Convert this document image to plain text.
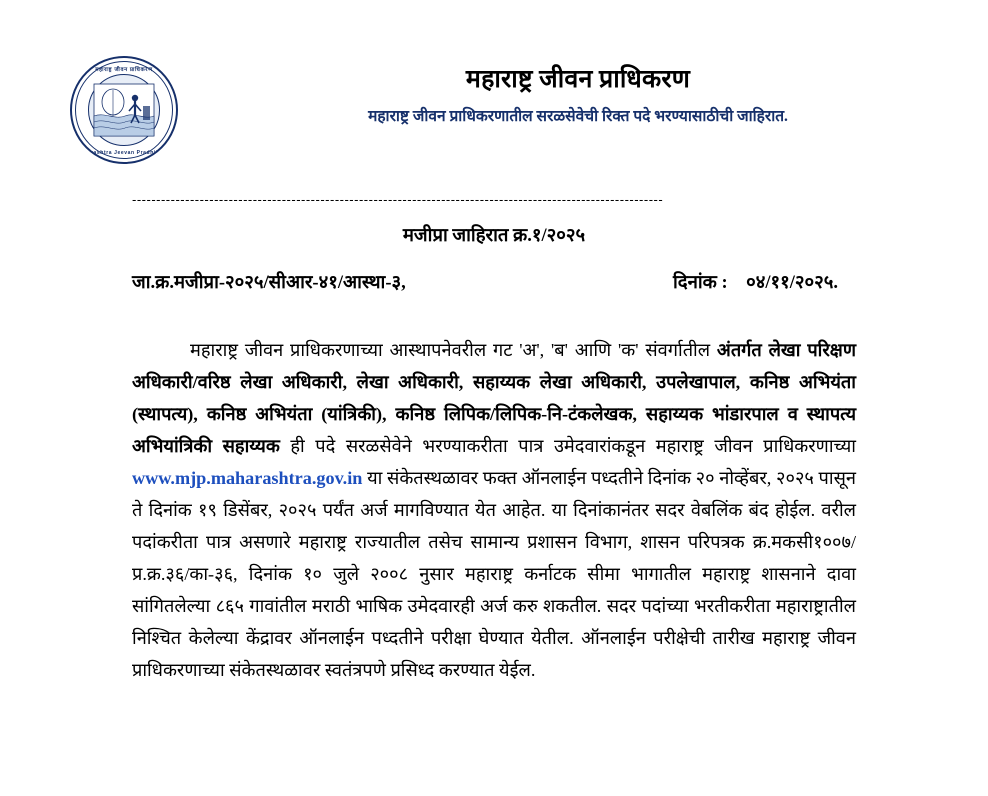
महाराष्ट्र जीवन प्राधिकरण
Maharashtra Jeevan Pradhikaran
महाराष्ट्र जीवन प्राधिकरण
महाराष्ट्र जीवन प्राधिकरणातील सरळसेवेची रिक्त पदे भरण्यासाठीची जाहिरात.
--------------------------------------------------------------------------------------------------------------
मजीप्रा जाहिरात क्र.१/२०२५
जा.क्र.मजीप्रा-२०२५/सीआर-४१/आस्था-३,	दिनांक : ०४/११/२०२५.

महाराष्ट्र जीवन प्राधिकरणाच्या आस्थापनेवरील गट 'अ', 'ब' आणि 'क' संवर्गातील अंतर्गत लेखा परिक्षण अधिकारी/वरिष्ठ लेखा अधिकारी, लेखा अधिकारी, सहाय्यक लेखा अधिकारी, उपलेखापाल, कनिष्ठ अभियंता (स्थापत्य), कनिष्ठ अभियंता (यांत्रिकी), कनिष्ठ लिपिक/लिपिक-नि-टंकलेखक, सहाय्यक भांडारपाल व स्थापत्य अभियांत्रिकी सहाय्यक ही पदे सरळसेवेने भरण्याकरीता पात्र उमेदवारांकडून महाराष्ट्र जीवन प्राधिकरणाच्या www.mjp.maharashtra.gov.in या संकेतस्थळावर फक्त ऑनलाईन पध्दतीने दिनांक २० नोव्हेंबर, २०२५ पासून ते दिनांक १९ डिसेंबर, २०२५ पर्यंत अर्ज मागविण्यात येत आहेत. या दिनांकानंतर सदर वेबलिंक बंद होईल. वरील पदांकरीता पात्र असणारे महाराष्ट्र राज्यातील तसेच सामान्य प्रशासन विभाग, शासन परिपत्रक क्र.मकसी१००७/प्र.क्र.३६/का-३६, दिनांक १० जुले २००८ नुसार महाराष्ट्र कर्नाटक सीमा भागातील महाराष्ट्र शासनाने दावा सांगितलेल्या ८६५ गावांतील मराठी भाषिक उमेदवारही अर्ज करु शकतील. सदर पदांच्या भरतीकरीता महाराष्ट्रातील निश्चित केलेल्या केंद्रावर ऑनलाईन पध्दतीने परीक्षा घेण्यात येतील. ऑनलाईन परीक्षेची तारीख महाराष्ट्र जीवन प्राधिकरणाच्या संकेतस्थळावर स्वतंत्रपणे प्रसिध्द करण्यात येईल.
